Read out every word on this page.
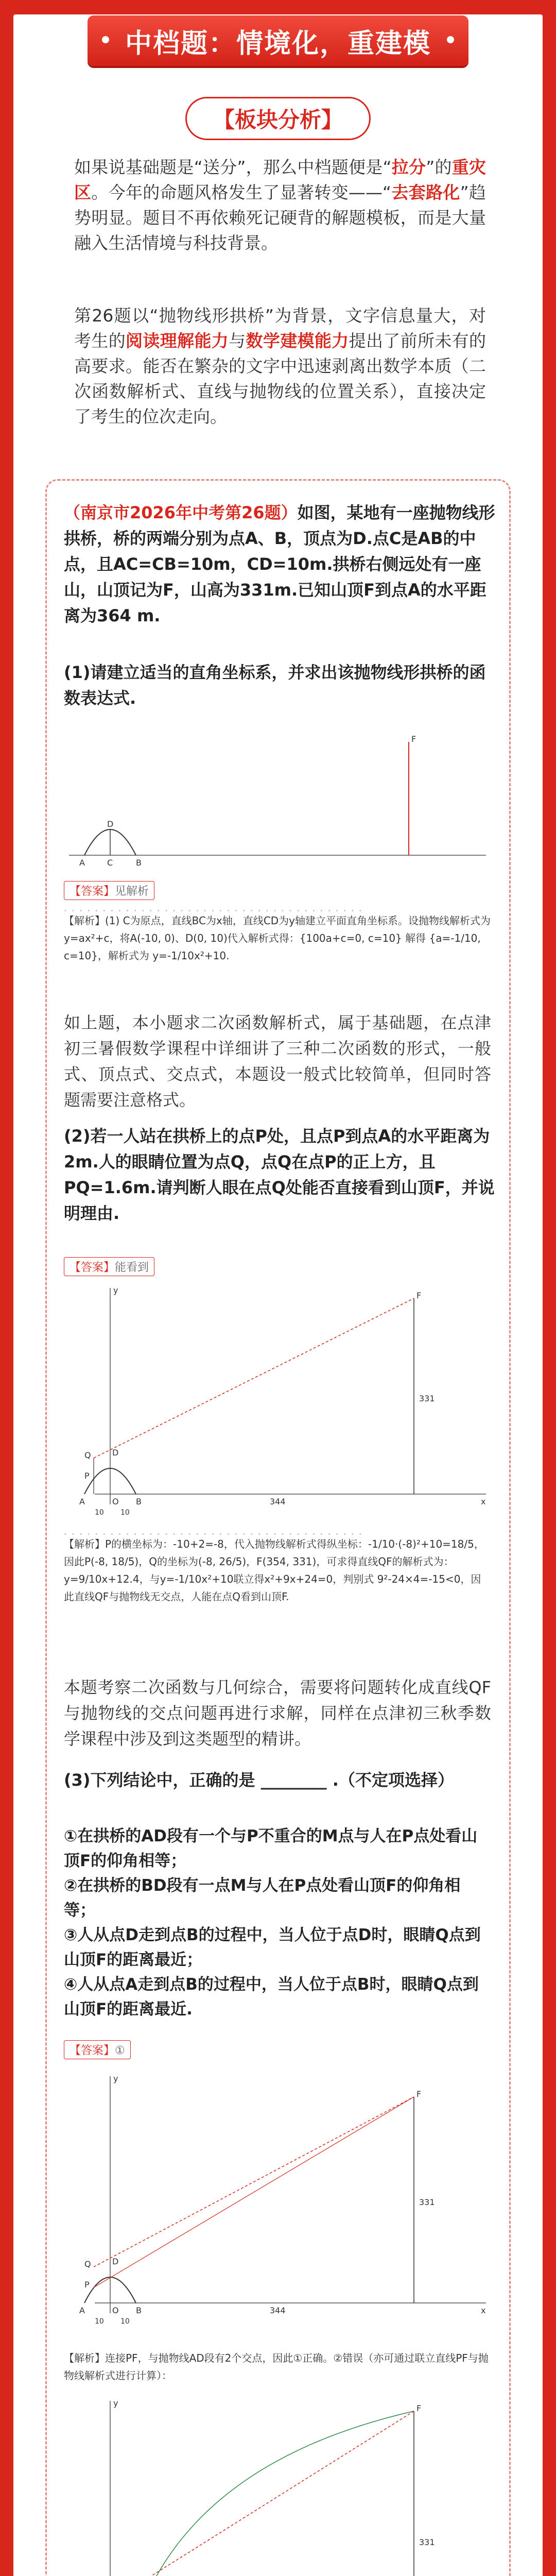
中档题：情境化，重建模
【板块分析】
如果说基础题是“送分”，那么中档题便是“拉分”的重灾区。今年的命题风格发生了显著转变——“去套路化”趋势明显。题目不再依赖死记硬背的解题模板，而是大量融入生活情境与科技背景。
第26题以“抛物线形拱桥”为背景，文字信息量大，对考生的阅读理解能力与数学建模能力提出了前所未有的高要求。能否在繁杂的文字中迅速剥离出数学本质（二次函数解析式、直线与抛物线的位置关系），直接决定了考生的位次走向。
（南京市2026年中考第26题）如图，某地有一座抛物线形拱桥，桥的两端分别为点A、B，顶点为D.点C是AB的中点，且AC=CB=10m，CD=10m.拱桥右侧远处有一座山，山顶记为F，山高为331m.已知山顶F到点A的水平距离为364 m.
(1)请建立适当的直角坐标系，并求出该抛物线形拱桥的函数表达式.
F
A	C	B
D
【答案】见解析
• • • 【解析】(1) C为原点，直线BC为x轴，直线CD为y轴建立平面直角坐标系。设抛物线解析式为y=ax²+c，将A(-10, 0)、D(0, 10)代入解析式得：{100a+c=0, c=10} 解得 {a=-1/10, c=10}，解析式为 y=-1/10x²+10.
如上题，本小题求二次函数解析式，属于基础题，在点津初三暑假数学课程中详细讲了三种二次函数的形式，一般式、顶点式、交点式，本题设一般式比较简单，但同时答题需要注意格式。
(2)若一人站在拱桥上的点P处，且点P到点A的水平距离为2m.人的眼睛位置为点Q，点Q在点P的正上方，且PQ=1.6m.请判断人眼在点Q处能否直接看到山顶F，并说明理由.
【答案】能看到
F
331
Q
P
D
A	O B
10 10
344	x
y
• • • 【解析】P的横坐标为：-10+2=-8，代入抛物线解析式得纵坐标：-1/10·(-8)²+10=18/5，因此P(-8, 18/5)，Q的坐标为(-8, 26/5)，F(354, 331)，可求得直线QF的解析式为：y=9/10x+12.4，与y=-1/10x²+10联立得x²+9x+24=0，判别式 9²-24×4=-15<0，因此直线QF与抛物线无交点，人能在点Q看到山顶F.
本题考察二次函数与几何综合，需要将问题转化成直线QF与抛物线的交点问题再进行求解，同样在点津初三秋季数学课程中涉及到这类题型的精讲。
(3)下列结论中，正确的是 ________ .（不定项选择）
①在拱桥的AD段有一个与P不重合的M点与人在P点处看山顶F的仰角相等；
②在拱桥的BD段有一点M与人在P点处看山顶F的仰角相等；
③人从点D走到点B的过程中，当人位于点D时，眼睛Q点到山顶F的距离最近；
④人从点A走到点B的过程中，当人位于点B时，眼睛Q点到山顶F的距离最近.
【答案】①
F
331
Q
P
D
A	O B
10 10
344	x
y
【解析】连接PF，与抛物线AD段有2个交点，因此①正确。②错误（亦可通过联立直线PF与抛物线解析式进行计算）：
F
331
y
